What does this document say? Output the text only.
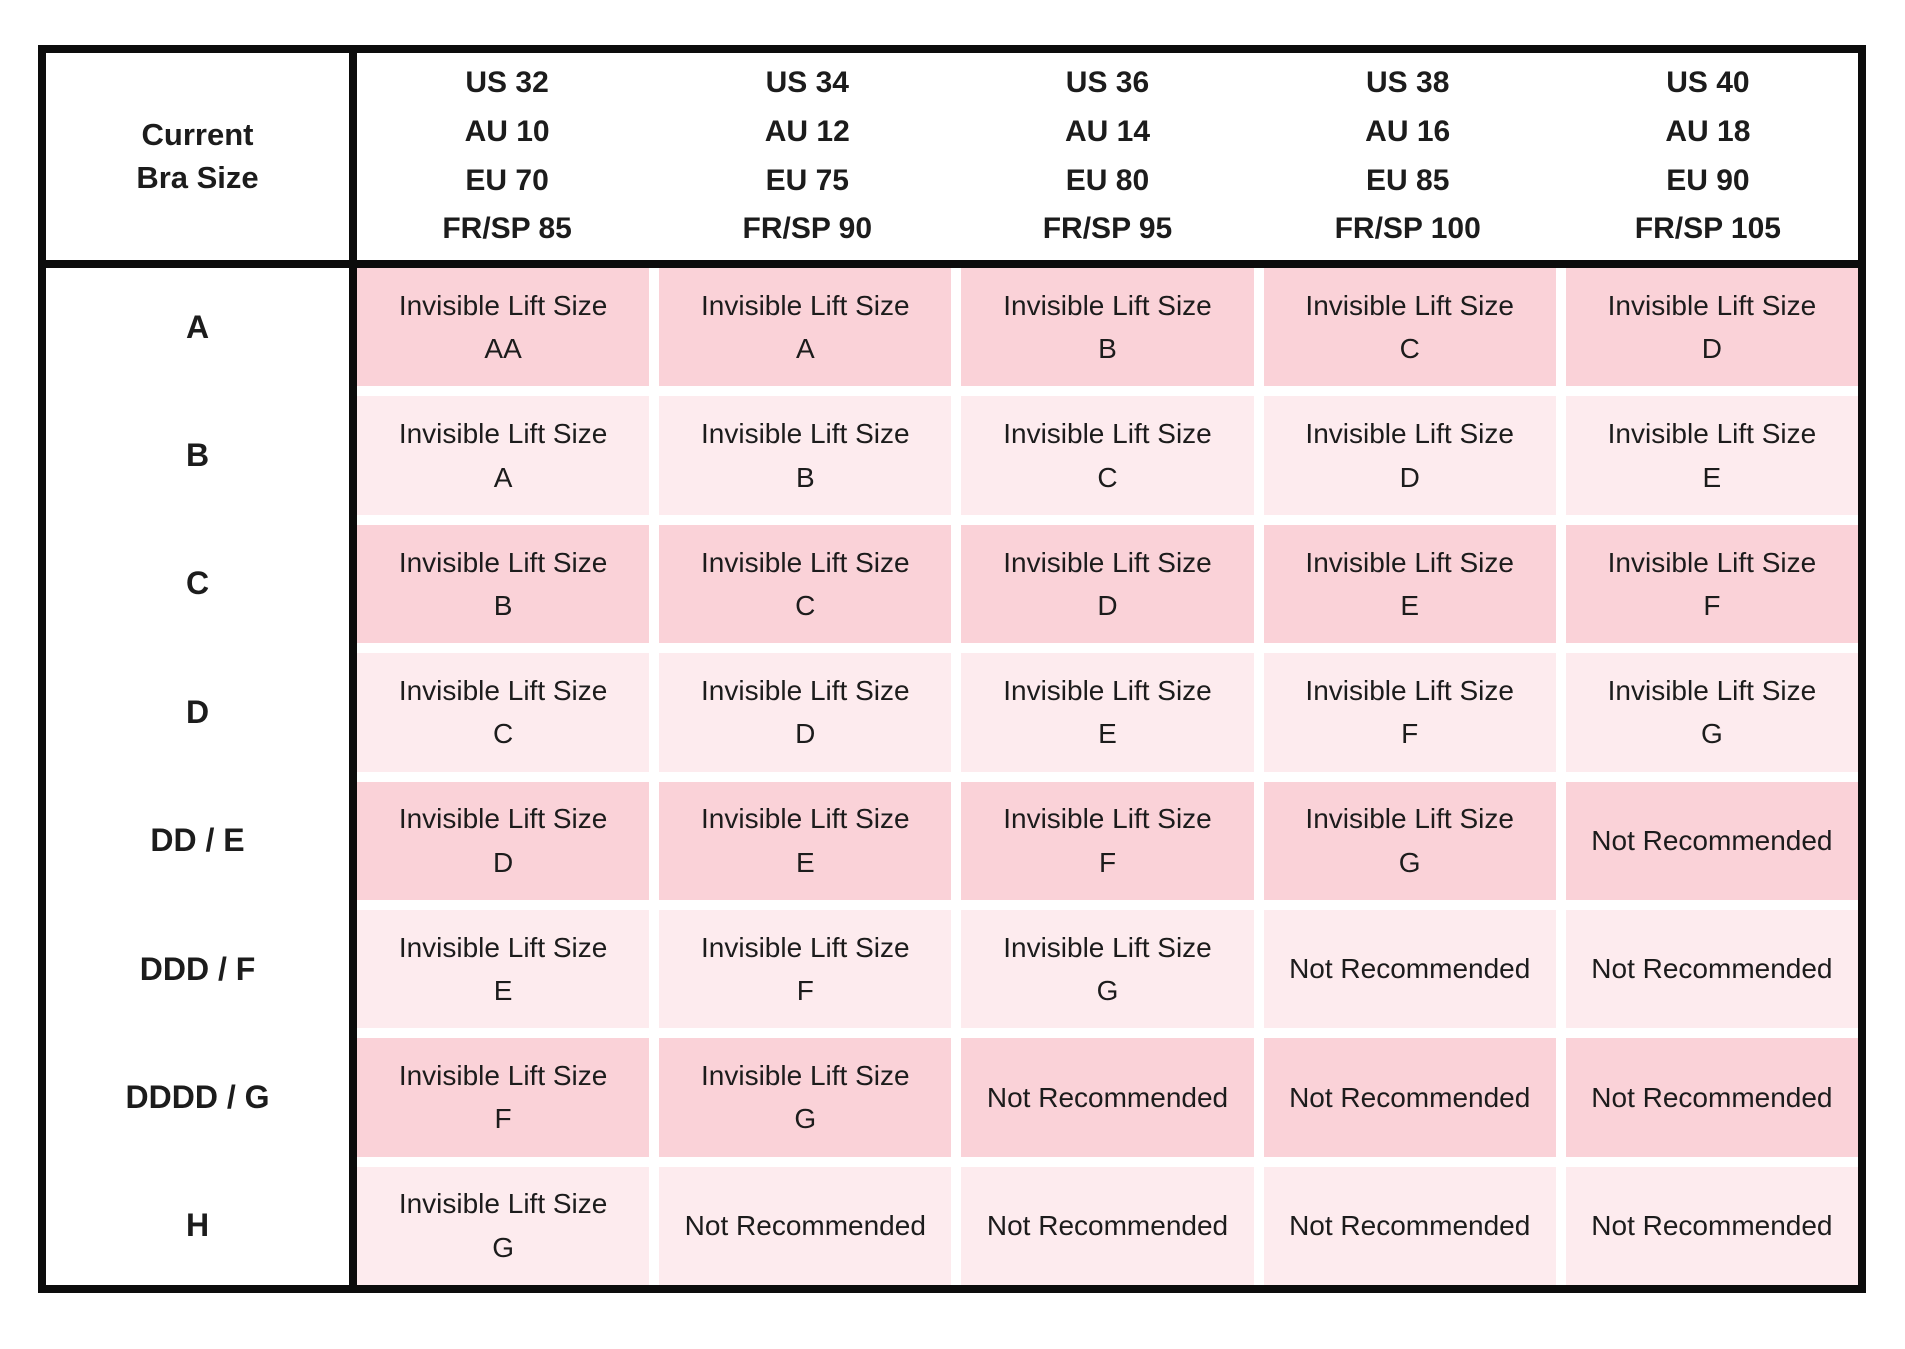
Current
Bra Size
US 32
AU 10
EU 70
FR/SP 85
US 34
AU 12
EU 75
FR/SP 90
US 36
AU 14
EU 80
FR/SP 95
US 38
AU 16
EU 85
FR/SP 100
US 40
AU 18
EU 90
FR/SP 105
A
B
C
D
DD / E
DDD / F
DDDD / G
H
Invisible Lift Size
AA
Invisible Lift Size
A
Invisible Lift Size
B
Invisible Lift Size
C
Invisible Lift Size
D
Invisible Lift Size
A
Invisible Lift Size
B
Invisible Lift Size
C
Invisible Lift Size
D
Invisible Lift Size
E
Invisible Lift Size
B
Invisible Lift Size
C
Invisible Lift Size
D
Invisible Lift Size
E
Invisible Lift Size
F
Invisible Lift Size
C
Invisible Lift Size
D
Invisible Lift Size
E
Invisible Lift Size
F
Invisible Lift Size
G
Invisible Lift Size
D
Invisible Lift Size
E
Invisible Lift Size
F
Invisible Lift Size
G
Not Recommended
Invisible Lift Size
E
Invisible Lift Size
F
Invisible Lift Size
G
Not Recommended Not Recommended
Invisible Lift Size
F
Invisible Lift Size
G
Not Recommended Not Recommended Not Recommended
Invisible Lift Size
G
Not Recommended Not Recommended Not Recommended Not Recommended
